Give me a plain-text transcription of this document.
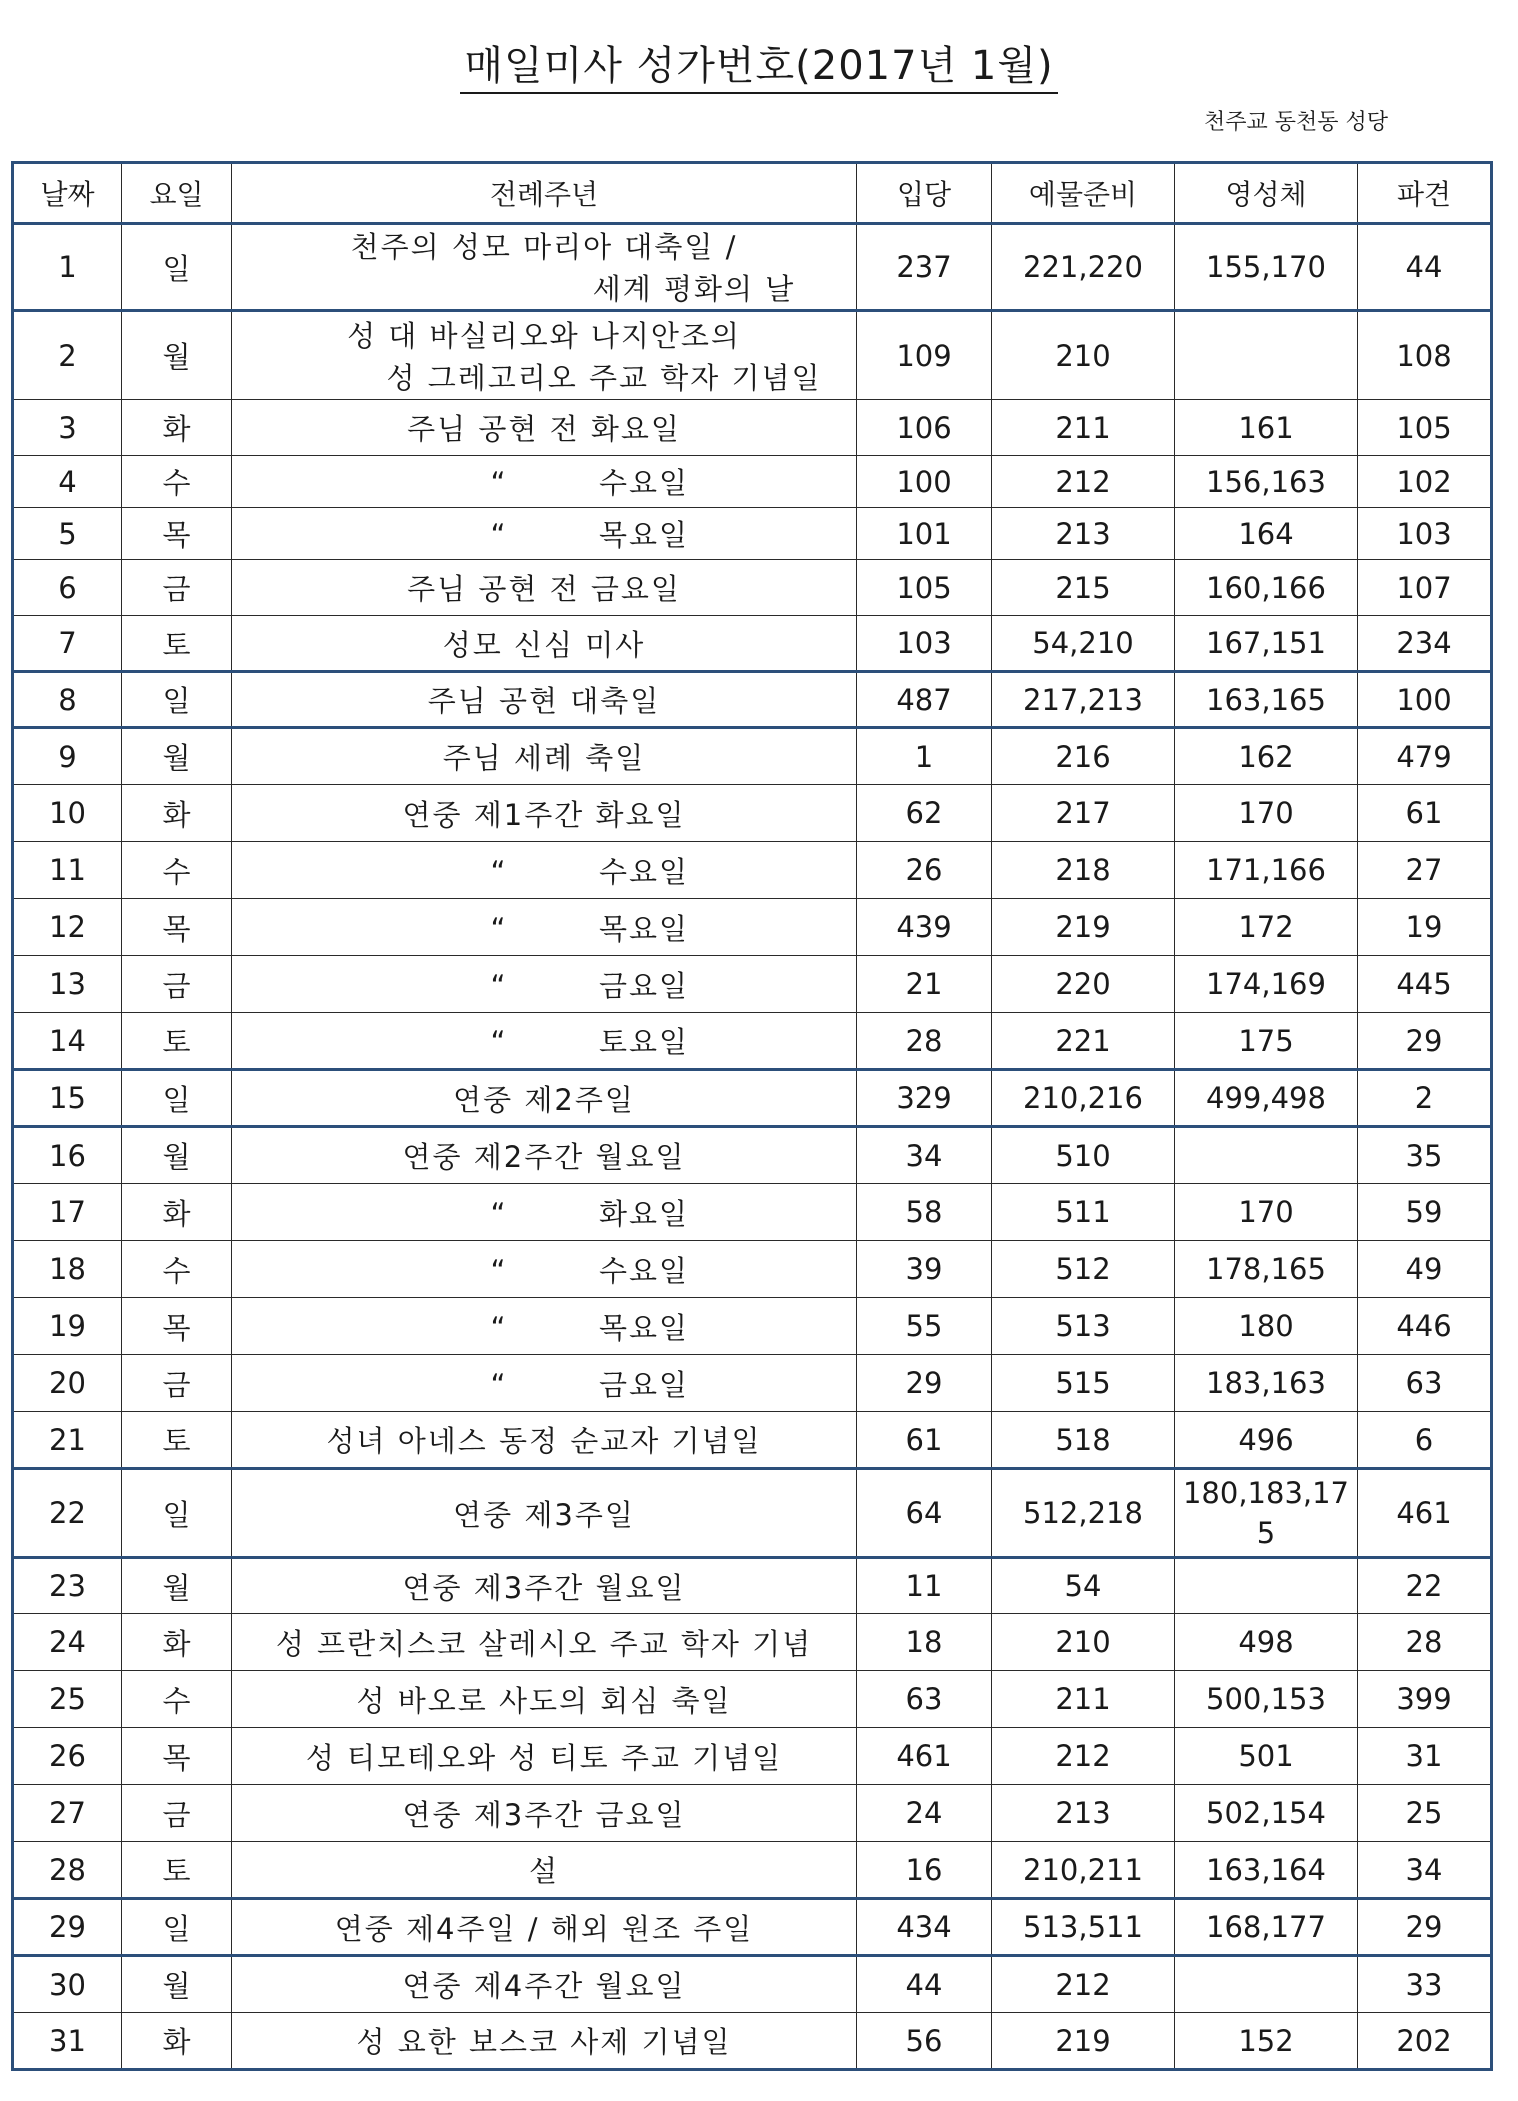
매일미사 성가번호(2017년 1월)
천주교 동천동 성당
날짜	요일	전례주년	입당	예물준비	영성체	파견
1	일	천주의 성모 마리아 대축일 /
세계 평화의 날	237	221,220	155,170	44
2	월	성 대 바실리오와 나지안조의
성 그레고리오 주교 학자 기념일	109	210		108
3	화	주님 공현 전 화요일	106	211	161	105
4	수	“ 수요일	100	212	156,163	102
5	목	“ 목요일	101	213	164	103
6	금	주님 공현 전 금요일	105	215	160,166	107
7	토	성모 신심 미사	103	54,210	167,151	234
8	일	주님 공현 대축일	487	217,213	163,165	100
9	월	주님 세례 축일	1	216	162	479
10	화	연중 제1주간 화요일	62	217	170	61
11	수	“ 수요일	26	218	171,166	27
12	목	“ 목요일	439	219	172	19
13	금	“ 금요일	21	220	174,169	445
14	토	“ 토요일	28	221	175	29
15	일	연중 제2주일	329	210,216	499,498	2
16	월	연중 제2주간 월요일	34	510		35
17	화	“ 화요일	58	511	170	59
18	수	“ 수요일	39	512	178,165	49
19	목	“ 목요일	55	513	180	446
20	금	“ 금요일	29	515	183,163	63
21	토	성녀 아네스 동정 순교자 기념일	61	518	496	6
22	일	연중 제3주일	64	512,218	180,183,175	461
23	월	연중 제3주간 월요일	11	54		22
24	화	성 프란치스코 살레시오 주교 학자 기념	18	210	498	28
25	수	성 바오로 사도의 회심 축일	63	211	500,153	399
26	목	성 티모테오와 성 티토 주교 기념일	461	212	501	31
27	금	연중 제3주간 금요일	24	213	502,154	25
28	토	설	16	210,211	163,164	34
29	일	연중 제4주일 / 해외 원조 주일	434	513,511	168,177	29
30	월	연중 제4주간 월요일	44	212		33
31	화	성 요한 보스코 사제 기념일	56	219	152	202
